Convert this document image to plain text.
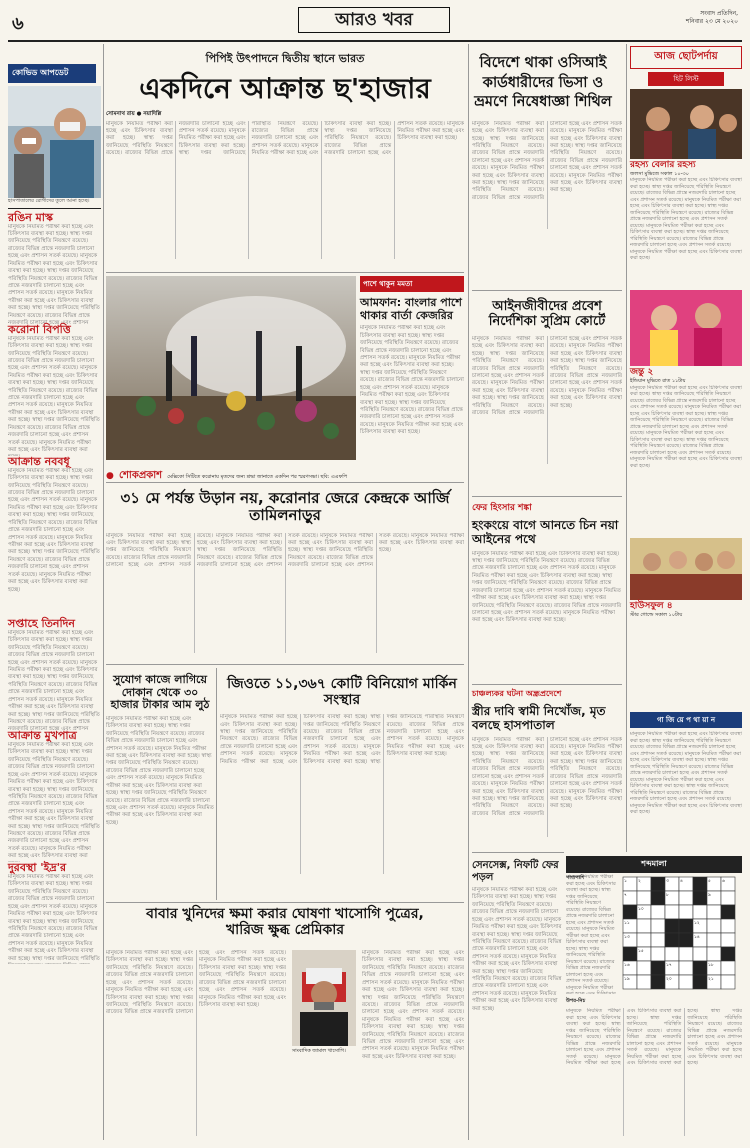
৬	আরও খবর	সংবাদ প্রতিদিন,
শনিবার ২৩ মে ২০২০
কোভিড আপডেট
হাসপাতালের রোগীদের তুলে আনা হচ্ছে।
রঙিন মাস্ক
মানুষকে নিয়মিত পরীক্ষা করা হচ্ছে এবং চিকিৎসার ব্যবস্থা করা হচ্ছে। স্বাস্থ্য দপ্তর জানিয়েছে পরিস্থিতি নিয়ন্ত্রণে রয়েছে। রাজ্যের বিভিন্ন প্রান্তে নজরদারি চালানো হচ্ছে এবং প্রশাসন সতর্ক রয়েছে। মানুষকে নিয়মিত পরীক্ষা করা হচ্ছে এবং চিকিৎসার ব্যবস্থা করা হচ্ছে। স্বাস্থ্য দপ্তর জানিয়েছে পরিস্থিতি নিয়ন্ত্রণে রয়েছে। রাজ্যের বিভিন্ন প্রান্তে নজরদারি চালানো হচ্ছে এবং প্রশাসন সতর্ক রয়েছে। মানুষকে নিয়মিত পরীক্ষা করা হচ্ছে এবং চিকিৎসার ব্যবস্থা করা হচ্ছে। স্বাস্থ্য দপ্তর জানিয়েছে পরিস্থিতি নিয়ন্ত্রণে রয়েছে। রাজ্যের বিভিন্ন প্রান্তে নজরদারি চালানো হচ্ছে এবং প্রশাসন সতর্ক রয়েছে। মানুষকে নিয়মিত পরীক্ষা করা হচ্ছে এবং চিকিৎসার ব্যবস্থা করা হচ্ছে।
করোনা বিপত্তি
মানুষকে নিয়মিত পরীক্ষা করা হচ্ছে এবং চিকিৎসার ব্যবস্থা করা হচ্ছে। স্বাস্থ্য দপ্তর জানিয়েছে পরিস্থিতি নিয়ন্ত্রণে রয়েছে। রাজ্যের বিভিন্ন প্রান্তে নজরদারি চালানো হচ্ছে এবং প্রশাসন সতর্ক রয়েছে। মানুষকে নিয়মিত পরীক্ষা করা হচ্ছে এবং চিকিৎসার ব্যবস্থা করা হচ্ছে। স্বাস্থ্য দপ্তর জানিয়েছে পরিস্থিতি নিয়ন্ত্রণে রয়েছে। রাজ্যের বিভিন্ন প্রান্তে নজরদারি চালানো হচ্ছে এবং প্রশাসন সতর্ক রয়েছে। মানুষকে নিয়মিত পরীক্ষা করা হচ্ছে এবং চিকিৎসার ব্যবস্থা করা হচ্ছে। স্বাস্থ্য দপ্তর জানিয়েছে পরিস্থিতি নিয়ন্ত্রণে রয়েছে। রাজ্যের বিভিন্ন প্রান্তে নজরদারি চালানো হচ্ছে এবং প্রশাসন সতর্ক রয়েছে। মানুষকে নিয়মিত পরীক্ষা করা হচ্ছে এবং চিকিৎসার ব্যবস্থা করা হচ্ছে।
আক্রান্ত নববধূ
মানুষকে নিয়মিত পরীক্ষা করা হচ্ছে এবং চিকিৎসার ব্যবস্থা করা হচ্ছে। স্বাস্থ্য দপ্তর জানিয়েছে পরিস্থিতি নিয়ন্ত্রণে রয়েছে। রাজ্যের বিভিন্ন প্রান্তে নজরদারি চালানো হচ্ছে এবং প্রশাসন সতর্ক রয়েছে। মানুষকে নিয়মিত পরীক্ষা করা হচ্ছে এবং চিকিৎসার ব্যবস্থা করা হচ্ছে। স্বাস্থ্য দপ্তর জানিয়েছে পরিস্থিতি নিয়ন্ত্রণে রয়েছে। রাজ্যের বিভিন্ন প্রান্তে নজরদারি চালানো হচ্ছে এবং প্রশাসন সতর্ক রয়েছে। মানুষকে নিয়মিত পরীক্ষা করা হচ্ছে এবং চিকিৎসার ব্যবস্থা করা হচ্ছে। স্বাস্থ্য দপ্তর জানিয়েছে পরিস্থিতি নিয়ন্ত্রণে রয়েছে। রাজ্যের বিভিন্ন প্রান্তে নজরদারি চালানো হচ্ছে এবং প্রশাসন সতর্ক রয়েছে। মানুষকে নিয়মিত পরীক্ষা করা হচ্ছে এবং চিকিৎসার ব্যবস্থা করা হচ্ছে।
সপ্তাহে তিনদিন
মানুষকে নিয়মিত পরীক্ষা করা হচ্ছে এবং চিকিৎসার ব্যবস্থা করা হচ্ছে। স্বাস্থ্য দপ্তর জানিয়েছে পরিস্থিতি নিয়ন্ত্রণে রয়েছে। রাজ্যের বিভিন্ন প্রান্তে নজরদারি চালানো হচ্ছে এবং প্রশাসন সতর্ক রয়েছে। মানুষকে নিয়মিত পরীক্ষা করা হচ্ছে এবং চিকিৎসার ব্যবস্থা করা হচ্ছে। স্বাস্থ্য দপ্তর জানিয়েছে পরিস্থিতি নিয়ন্ত্রণে রয়েছে। রাজ্যের বিভিন্ন প্রান্তে নজরদারি চালানো হচ্ছে এবং প্রশাসন সতর্ক রয়েছে। মানুষকে নিয়মিত পরীক্ষা করা হচ্ছে এবং চিকিৎসার ব্যবস্থা করা হচ্ছে। স্বাস্থ্য দপ্তর জানিয়েছে পরিস্থিতি নিয়ন্ত্রণে রয়েছে। রাজ্যের বিভিন্ন প্রান্তে নজরদারি চালানো হচ্ছে এবং প্রশাসন সতর্ক রয়েছে। মানুষকে নিয়মিত পরীক্ষা করা হচ্ছে এবং চিকিৎসার ব্যবস্থা করা হচ্ছে।
আক্রান্ত মুখপাত্র
মানুষকে নিয়মিত পরীক্ষা করা হচ্ছে এবং চিকিৎসার ব্যবস্থা করা হচ্ছে। স্বাস্থ্য দপ্তর জানিয়েছে পরিস্থিতি নিয়ন্ত্রণে রয়েছে। রাজ্যের বিভিন্ন প্রান্তে নজরদারি চালানো হচ্ছে এবং প্রশাসন সতর্ক রয়েছে। মানুষকে নিয়মিত পরীক্ষা করা হচ্ছে এবং চিকিৎসার ব্যবস্থা করা হচ্ছে। স্বাস্থ্য দপ্তর জানিয়েছে পরিস্থিতি নিয়ন্ত্রণে রয়েছে। রাজ্যের বিভিন্ন প্রান্তে নজরদারি চালানো হচ্ছে এবং প্রশাসন সতর্ক রয়েছে। মানুষকে নিয়মিত পরীক্ষা করা হচ্ছে এবং চিকিৎসার ব্যবস্থা করা হচ্ছে। স্বাস্থ্য দপ্তর জানিয়েছে পরিস্থিতি নিয়ন্ত্রণে রয়েছে। রাজ্যের বিভিন্ন প্রান্তে নজরদারি চালানো হচ্ছে এবং প্রশাসন সতর্ক রয়েছে। মানুষকে নিয়মিত পরীক্ষা করা হচ্ছে এবং চিকিৎসার ব্যবস্থা করা হচ্ছে।
দুরবস্থা 'ইদ্র'র
মানুষকে নিয়মিত পরীক্ষা করা হচ্ছে এবং চিকিৎসার ব্যবস্থা করা হচ্ছে। স্বাস্থ্য দপ্তর জানিয়েছে পরিস্থিতি নিয়ন্ত্রণে রয়েছে। রাজ্যের বিভিন্ন প্রান্তে নজরদারি চালানো হচ্ছে এবং প্রশাসন সতর্ক রয়েছে। মানুষকে নিয়মিত পরীক্ষা করা হচ্ছে এবং চিকিৎসার ব্যবস্থা করা হচ্ছে। স্বাস্থ্য দপ্তর জানিয়েছে পরিস্থিতি নিয়ন্ত্রণে রয়েছে। রাজ্যের বিভিন্ন প্রান্তে নজরদারি চালানো হচ্ছে এবং প্রশাসন সতর্ক রয়েছে। মানুষকে নিয়মিত পরীক্ষা করা হচ্ছে এবং চিকিৎসার ব্যবস্থা করা হচ্ছে। স্বাস্থ্য দপ্তর জানিয়েছে পরিস্থিতি নিয়ন্ত্রণে রয়েছে। রাজ্যের বিভিন্ন প্রান্তে নজরদারি চালানো হচ্ছে এবং প্রশাসন সতর্ক রয়েছে। মানুষকে নিয়মিত পরীক্ষা করা হচ্ছে এবং চিকিৎসার ব্যবস্থা করা হচ্ছে।
পিপিই উৎপাদনে দ্বিতীয় স্থানে ভারত
একদিনে আক্রান্ত ছ'হাজার
সোমনাথ রায় ● নয়াদিল্লি
মানুষকে নিয়মিত পরীক্ষা করা হচ্ছে এবং চিকিৎসার ব্যবস্থা করা হচ্ছে। স্বাস্থ্য দপ্তর জানিয়েছে পরিস্থিতি নিয়ন্ত্রণে রয়েছে। রাজ্যের বিভিন্ন প্রান্তে নজরদারি চালানো হচ্ছে এবং প্রশাসন সতর্ক রয়েছে। মানুষকে নিয়মিত পরীক্ষা করা হচ্ছে এবং চিকিৎসার ব্যবস্থা করা হচ্ছে। স্বাস্থ্য দপ্তর জানিয়েছে পরিস্থিতি নিয়ন্ত্রণে রয়েছে। রাজ্যের বিভিন্ন প্রান্তে নজরদারি চালানো হচ্ছে এবং প্রশাসন সতর্ক রয়েছে। মানুষকে নিয়মিত পরীক্ষা করা হচ্ছে এবং চিকিৎসার ব্যবস্থা করা হচ্ছে। স্বাস্থ্য দপ্তর জানিয়েছে পরিস্থিতি নিয়ন্ত্রণে রয়েছে। রাজ্যের বিভিন্ন প্রান্তে নজরদারি চালানো হচ্ছে এবং প্রশাসন সতর্ক রয়েছে। মানুষকে নিয়মিত পরীক্ষা করা হচ্ছে এবং চিকিৎসার ব্যবস্থা করা হচ্ছে।
● শোকপ্রকাশ মেক্সিকো সিটিতে করোনায় মৃতদের জন্য শ্রদ্ধা জানাতে একদিন পর স্মরণসভা। ছবি: এএফপি
পাশে থাকুন মমতা
আমফান: বাংলার পাশে থাকার বার্তা কেজরির
মানুষকে নিয়মিত পরীক্ষা করা হচ্ছে এবং চিকিৎসার ব্যবস্থা করা হচ্ছে। স্বাস্থ্য দপ্তর জানিয়েছে পরিস্থিতি নিয়ন্ত্রণে রয়েছে। রাজ্যের বিভিন্ন প্রান্তে নজরদারি চালানো হচ্ছে এবং প্রশাসন সতর্ক রয়েছে। মানুষকে নিয়মিত পরীক্ষা করা হচ্ছে এবং চিকিৎসার ব্যবস্থা করা হচ্ছে। স্বাস্থ্য দপ্তর জানিয়েছে পরিস্থিতি নিয়ন্ত্রণে রয়েছে। রাজ্যের বিভিন্ন প্রান্তে নজরদারি চালানো হচ্ছে এবং প্রশাসন সতর্ক রয়েছে। মানুষকে নিয়মিত পরীক্ষা করা হচ্ছে এবং চিকিৎসার ব্যবস্থা করা হচ্ছে। স্বাস্থ্য দপ্তর জানিয়েছে পরিস্থিতি নিয়ন্ত্রণে রয়েছে। রাজ্যের বিভিন্ন প্রান্তে নজরদারি চালানো হচ্ছে এবং প্রশাসন সতর্ক রয়েছে। মানুষকে নিয়মিত পরীক্ষা করা হচ্ছে এবং চিকিৎসার ব্যবস্থা করা হচ্ছে।
৩১ মে পর্যন্ত উড়ান নয়, করোনার জেরে কেন্দ্রকে আর্জি তামিলনাড়ুর
মানুষকে নিয়মিত পরীক্ষা করা হচ্ছে এবং চিকিৎসার ব্যবস্থা করা হচ্ছে। স্বাস্থ্য দপ্তর জানিয়েছে পরিস্থিতি নিয়ন্ত্রণে রয়েছে। রাজ্যের বিভিন্ন প্রান্তে নজরদারি চালানো হচ্ছে এবং প্রশাসন সতর্ক রয়েছে। মানুষকে নিয়মিত পরীক্ষা করা হচ্ছে এবং চিকিৎসার ব্যবস্থা করা হচ্ছে। স্বাস্থ্য দপ্তর জানিয়েছে পরিস্থিতি নিয়ন্ত্রণে রয়েছে। রাজ্যের বিভিন্ন প্রান্তে নজরদারি চালানো হচ্ছে এবং প্রশাসন সতর্ক রয়েছে। মানুষকে নিয়মিত পরীক্ষা করা হচ্ছে এবং চিকিৎসার ব্যবস্থা করা হচ্ছে। স্বাস্থ্য দপ্তর জানিয়েছে পরিস্থিতি নিয়ন্ত্রণে রয়েছে। রাজ্যের বিভিন্ন প্রান্তে নজরদারি চালানো হচ্ছে এবং প্রশাসন সতর্ক রয়েছে। মানুষকে নিয়মিত পরীক্ষা করা হচ্ছে এবং চিকিৎসার ব্যবস্থা করা হচ্ছে।
সুযোগ কাজে লাগিয়ে দোকান থেকে ৩০ হাজার টাকার আম লুঠ
মানুষকে নিয়মিত পরীক্ষা করা হচ্ছে এবং চিকিৎসার ব্যবস্থা করা হচ্ছে। স্বাস্থ্য দপ্তর জানিয়েছে পরিস্থিতি নিয়ন্ত্রণে রয়েছে। রাজ্যের বিভিন্ন প্রান্তে নজরদারি চালানো হচ্ছে এবং প্রশাসন সতর্ক রয়েছে। মানুষকে নিয়মিত পরীক্ষা করা হচ্ছে এবং চিকিৎসার ব্যবস্থা করা হচ্ছে। স্বাস্থ্য দপ্তর জানিয়েছে পরিস্থিতি নিয়ন্ত্রণে রয়েছে। রাজ্যের বিভিন্ন প্রান্তে নজরদারি চালানো হচ্ছে এবং প্রশাসন সতর্ক রয়েছে। মানুষকে নিয়মিত পরীক্ষা করা হচ্ছে এবং চিকিৎসার ব্যবস্থা করা হচ্ছে। স্বাস্থ্য দপ্তর জানিয়েছে পরিস্থিতি নিয়ন্ত্রণে রয়েছে। রাজ্যের বিভিন্ন প্রান্তে নজরদারি চালানো হচ্ছে এবং প্রশাসন সতর্ক রয়েছে। মানুষকে নিয়মিত পরীক্ষা করা হচ্ছে এবং চিকিৎসার ব্যবস্থা করা হচ্ছে।
জিওতে ১১,৩৬৭ কোটি বিনিয়োগ মার্কিন সংস্থার
মানুষকে নিয়মিত পরীক্ষা করা হচ্ছে এবং চিকিৎসার ব্যবস্থা করা হচ্ছে। স্বাস্থ্য দপ্তর জানিয়েছে পরিস্থিতি নিয়ন্ত্রণে রয়েছে। রাজ্যের বিভিন্ন প্রান্তে নজরদারি চালানো হচ্ছে এবং প্রশাসন সতর্ক রয়েছে। মানুষকে নিয়মিত পরীক্ষা করা হচ্ছে এবং চিকিৎসার ব্যবস্থা করা হচ্ছে। স্বাস্থ্য দপ্তর জানিয়েছে পরিস্থিতি নিয়ন্ত্রণে রয়েছে। রাজ্যের বিভিন্ন প্রান্তে নজরদারি চালানো হচ্ছে এবং প্রশাসন সতর্ক রয়েছে। মানুষকে নিয়মিত পরীক্ষা করা হচ্ছে এবং চিকিৎসার ব্যবস্থা করা হচ্ছে। স্বাস্থ্য দপ্তর জানিয়েছে পরিস্থিতি নিয়ন্ত্রণে রয়েছে। রাজ্যের বিভিন্ন প্রান্তে নজরদারি চালানো হচ্ছে এবং প্রশাসন সতর্ক রয়েছে। মানুষকে নিয়মিত পরীক্ষা করা হচ্ছে এবং চিকিৎসার ব্যবস্থা করা হচ্ছে।
বাবার খুনিদের ক্ষমা করার ঘোষণা খাসোগি পুত্রের, খারিজ ক্ষুব্ধ প্রেমিকার
মানুষকে নিয়মিত পরীক্ষা করা হচ্ছে এবং চিকিৎসার ব্যবস্থা করা হচ্ছে। স্বাস্থ্য দপ্তর জানিয়েছে পরিস্থিতি নিয়ন্ত্রণে রয়েছে। রাজ্যের বিভিন্ন প্রান্তে নজরদারি চালানো হচ্ছে এবং প্রশাসন সতর্ক রয়েছে। মানুষকে নিয়মিত পরীক্ষা করা হচ্ছে এবং চিকিৎসার ব্যবস্থা করা হচ্ছে। স্বাস্থ্য দপ্তর জানিয়েছে পরিস্থিতি নিয়ন্ত্রণে রয়েছে। রাজ্যের বিভিন্ন প্রান্তে নজরদারি চালানো হচ্ছে এবং প্রশাসন সতর্ক রয়েছে। মানুষকে নিয়মিত পরীক্ষা করা হচ্ছে এবং চিকিৎসার ব্যবস্থা করা হচ্ছে। স্বাস্থ্য দপ্তর জানিয়েছে পরিস্থিতি নিয়ন্ত্রণে রয়েছে। রাজ্যের বিভিন্ন প্রান্তে নজরদারি চালানো হচ্ছে এবং প্রশাসন সতর্ক রয়েছে। মানুষকে নিয়মিত পরীক্ষা করা হচ্ছে এবং চিকিৎসার ব্যবস্থা করা হচ্ছে।
সাংবাদিক জামাল খাসোগি।
মানুষকে নিয়মিত পরীক্ষা করা হচ্ছে এবং চিকিৎসার ব্যবস্থা করা হচ্ছে। স্বাস্থ্য দপ্তর জানিয়েছে পরিস্থিতি নিয়ন্ত্রণে রয়েছে। রাজ্যের বিভিন্ন প্রান্তে নজরদারি চালানো হচ্ছে এবং প্রশাসন সতর্ক রয়েছে। মানুষকে নিয়মিত পরীক্ষা করা হচ্ছে এবং চিকিৎসার ব্যবস্থা করা হচ্ছে। স্বাস্থ্য দপ্তর জানিয়েছে পরিস্থিতি নিয়ন্ত্রণে রয়েছে। রাজ্যের বিভিন্ন প্রান্তে নজরদারি চালানো হচ্ছে এবং প্রশাসন সতর্ক রয়েছে। মানুষকে নিয়মিত পরীক্ষা করা হচ্ছে এবং চিকিৎসার ব্যবস্থা করা হচ্ছে। স্বাস্থ্য দপ্তর জানিয়েছে পরিস্থিতি নিয়ন্ত্রণে রয়েছে। রাজ্যের বিভিন্ন প্রান্তে নজরদারি চালানো হচ্ছে এবং প্রশাসন সতর্ক রয়েছে। মানুষকে নিয়মিত পরীক্ষা করা হচ্ছে এবং চিকিৎসার ব্যবস্থা করা হচ্ছে।
বিদেশে থাকা ওসিআই কার্ডধারীদের ভিসা ও ভ্রমণে নিষেধাজ্ঞা শিথিল
মানুষকে নিয়মিত পরীক্ষা করা হচ্ছে এবং চিকিৎসার ব্যবস্থা করা হচ্ছে। স্বাস্থ্য দপ্তর জানিয়েছে পরিস্থিতি নিয়ন্ত্রণে রয়েছে। রাজ্যের বিভিন্ন প্রান্তে নজরদারি চালানো হচ্ছে এবং প্রশাসন সতর্ক রয়েছে। মানুষকে নিয়মিত পরীক্ষা করা হচ্ছে এবং চিকিৎসার ব্যবস্থা করা হচ্ছে। স্বাস্থ্য দপ্তর জানিয়েছে পরিস্থিতি নিয়ন্ত্রণে রয়েছে। রাজ্যের বিভিন্ন প্রান্তে নজরদারি চালানো হচ্ছে এবং প্রশাসন সতর্ক রয়েছে। মানুষকে নিয়মিত পরীক্ষা করা হচ্ছে এবং চিকিৎসার ব্যবস্থা করা হচ্ছে। স্বাস্থ্য দপ্তর জানিয়েছে পরিস্থিতি নিয়ন্ত্রণে রয়েছে। রাজ্যের বিভিন্ন প্রান্তে নজরদারি চালানো হচ্ছে এবং প্রশাসন সতর্ক রয়েছে। মানুষকে নিয়মিত পরীক্ষা করা হচ্ছে এবং চিকিৎসার ব্যবস্থা করা হচ্ছে।
আইনজীবীদের প্রবেশ নির্দেশিকা সুপ্রিম কোর্টে
মানুষকে নিয়মিত পরীক্ষা করা হচ্ছে এবং চিকিৎসার ব্যবস্থা করা হচ্ছে। স্বাস্থ্য দপ্তর জানিয়েছে পরিস্থিতি নিয়ন্ত্রণে রয়েছে। রাজ্যের বিভিন্ন প্রান্তে নজরদারি চালানো হচ্ছে এবং প্রশাসন সতর্ক রয়েছে। মানুষকে নিয়মিত পরীক্ষা করা হচ্ছে এবং চিকিৎসার ব্যবস্থা করা হচ্ছে। স্বাস্থ্য দপ্তর জানিয়েছে পরিস্থিতি নিয়ন্ত্রণে রয়েছে। রাজ্যের বিভিন্ন প্রান্তে নজরদারি চালানো হচ্ছে এবং প্রশাসন সতর্ক রয়েছে। মানুষকে নিয়মিত পরীক্ষা করা হচ্ছে এবং চিকিৎসার ব্যবস্থা করা হচ্ছে। স্বাস্থ্য দপ্তর জানিয়েছে পরিস্থিতি নিয়ন্ত্রণে রয়েছে। রাজ্যের বিভিন্ন প্রান্তে নজরদারি চালানো হচ্ছে এবং প্রশাসন সতর্ক রয়েছে। মানুষকে নিয়মিত পরীক্ষা করা হচ্ছে এবং চিকিৎসার ব্যবস্থা করা হচ্ছে।
ফের হিংসার শঙ্কা
হংকংয়ে বাগে আনতে চিন নয়া আইনের পথে
মানুষকে নিয়মিত পরীক্ষা করা হচ্ছে এবং চিকিৎসার ব্যবস্থা করা হচ্ছে। স্বাস্থ্য দপ্তর জানিয়েছে পরিস্থিতি নিয়ন্ত্রণে রয়েছে। রাজ্যের বিভিন্ন প্রান্তে নজরদারি চালানো হচ্ছে এবং প্রশাসন সতর্ক রয়েছে। মানুষকে নিয়মিত পরীক্ষা করা হচ্ছে এবং চিকিৎসার ব্যবস্থা করা হচ্ছে। স্বাস্থ্য দপ্তর জানিয়েছে পরিস্থিতি নিয়ন্ত্রণে রয়েছে। রাজ্যের বিভিন্ন প্রান্তে নজরদারি চালানো হচ্ছে এবং প্রশাসন সতর্ক রয়েছে। মানুষকে নিয়মিত পরীক্ষা করা হচ্ছে এবং চিকিৎসার ব্যবস্থা করা হচ্ছে। স্বাস্থ্য দপ্তর জানিয়েছে পরিস্থিতি নিয়ন্ত্রণে রয়েছে। রাজ্যের বিভিন্ন প্রান্তে নজরদারি চালানো হচ্ছে এবং প্রশাসন সতর্ক রয়েছে। মানুষকে নিয়মিত পরীক্ষা করা হচ্ছে এবং চিকিৎসার ব্যবস্থা করা হচ্ছে।
চাঞ্চল্যকর ঘটনা অন্ধ্রপ্রদেশে
স্ত্রীর দাবি স্বামী নিখোঁজ, মৃত বলছে হাসপাতাল
মানুষকে নিয়মিত পরীক্ষা করা হচ্ছে এবং চিকিৎসার ব্যবস্থা করা হচ্ছে। স্বাস্থ্য দপ্তর জানিয়েছে পরিস্থিতি নিয়ন্ত্রণে রয়েছে। রাজ্যের বিভিন্ন প্রান্তে নজরদারি চালানো হচ্ছে এবং প্রশাসন সতর্ক রয়েছে। মানুষকে নিয়মিত পরীক্ষা করা হচ্ছে এবং চিকিৎসার ব্যবস্থা করা হচ্ছে। স্বাস্থ্য দপ্তর জানিয়েছে পরিস্থিতি নিয়ন্ত্রণে রয়েছে। রাজ্যের বিভিন্ন প্রান্তে নজরদারি চালানো হচ্ছে এবং প্রশাসন সতর্ক রয়েছে। মানুষকে নিয়মিত পরীক্ষা করা হচ্ছে এবং চিকিৎসার ব্যবস্থা করা হচ্ছে। স্বাস্থ্য দপ্তর জানিয়েছে পরিস্থিতি নিয়ন্ত্রণে রয়েছে। রাজ্যের বিভিন্ন প্রান্তে নজরদারি চালানো হচ্ছে এবং প্রশাসন সতর্ক রয়েছে। মানুষকে নিয়মিত পরীক্ষা করা হচ্ছে এবং চিকিৎসার ব্যবস্থা করা হচ্ছে।
সেনসেক্স, নিফটি ফের পড়ল
মানুষকে নিয়মিত পরীক্ষা করা হচ্ছে এবং চিকিৎসার ব্যবস্থা করা হচ্ছে। স্বাস্থ্য দপ্তর জানিয়েছে পরিস্থিতি নিয়ন্ত্রণে রয়েছে। রাজ্যের বিভিন্ন প্রান্তে নজরদারি চালানো হচ্ছে এবং প্রশাসন সতর্ক রয়েছে। মানুষকে নিয়মিত পরীক্ষা করা হচ্ছে এবং চিকিৎসার ব্যবস্থা করা হচ্ছে। স্বাস্থ্য দপ্তর জানিয়েছে পরিস্থিতি নিয়ন্ত্রণে রয়েছে। রাজ্যের বিভিন্ন প্রান্তে নজরদারি চালানো হচ্ছে এবং প্রশাসন সতর্ক রয়েছে। মানুষকে নিয়মিত পরীক্ষা করা হচ্ছে এবং চিকিৎসার ব্যবস্থা করা হচ্ছে। স্বাস্থ্য দপ্তর জানিয়েছে পরিস্থিতি নিয়ন্ত্রণে রয়েছে। রাজ্যের বিভিন্ন প্রান্তে নজরদারি চালানো হচ্ছে এবং প্রশাসন সতর্ক রয়েছে। মানুষকে নিয়মিত পরীক্ষা করা হচ্ছে এবং চিকিৎসার ব্যবস্থা করা হচ্ছে।
শব্দমালা
পাশাপাশি
মানুষকে নিয়মিত পরীক্ষা করা হচ্ছে এবং চিকিৎসার ব্যবস্থা করা হচ্ছে। স্বাস্থ্য দপ্তর জানিয়েছে পরিস্থিতি নিয়ন্ত্রণে রয়েছে। রাজ্যের বিভিন্ন প্রান্তে নজরদারি চালানো হচ্ছে এবং প্রশাসন সতর্ক রয়েছে। মানুষকে নিয়মিত পরীক্ষা করা হচ্ছে এবং চিকিৎসার ব্যবস্থা করা হচ্ছে। স্বাস্থ্য দপ্তর জানিয়েছে পরিস্থিতি নিয়ন্ত্রণে রয়েছে। রাজ্যের বিভিন্ন প্রান্তে নজরদারি চালানো হচ্ছে এবং প্রশাসন সতর্ক রয়েছে। মানুষকে নিয়মিত পরীক্ষা করা হচ্ছে এবং চিকিৎসার ব্যবস্থা করা হচ্ছে। স্বাস্থ্য দপ্তর জানিয়েছে পরিস্থিতি নিয়ন্ত্রণে রয়েছে। রাজ্যের বিভিন্ন প্রান্তে নজরদারি চালানো হচ্ছে এবং প্রশাসন সতর্ক রয়েছে। মানুষকে নিয়মিত পরীক্ষা করা হচ্ছে এবং চিকিৎসার ব্যবস্থা করা হচ্ছে।
১ ২	৩ ৪	৫ ৬
৭	৮	৯
১০
১১	১২
১৩	১৪
১৫
১৬	১৭	১৮
১৯	২০	২১
উপর-নিচ
মানুষকে নিয়মিত পরীক্ষা করা হচ্ছে এবং চিকিৎসার ব্যবস্থা করা হচ্ছে। স্বাস্থ্য দপ্তর জানিয়েছে পরিস্থিতি নিয়ন্ত্রণে রয়েছে। রাজ্যের বিভিন্ন প্রান্তে নজরদারি চালানো হচ্ছে এবং প্রশাসন সতর্ক রয়েছে। মানুষকে নিয়মিত পরীক্ষা করা হচ্ছে এবং চিকিৎসার ব্যবস্থা করা হচ্ছে। স্বাস্থ্য দপ্তর জানিয়েছে পরিস্থিতি নিয়ন্ত্রণে রয়েছে। রাজ্যের বিভিন্ন প্রান্তে নজরদারি চালানো হচ্ছে এবং প্রশাসন সতর্ক রয়েছে। মানুষকে নিয়মিত পরীক্ষা করা হচ্ছে এবং চিকিৎসার ব্যবস্থা করা হচ্ছে। স্বাস্থ্য দপ্তর জানিয়েছে পরিস্থিতি নিয়ন্ত্রণে রয়েছে। রাজ্যের বিভিন্ন প্রান্তে নজরদারি চালানো হচ্ছে এবং প্রশাসন সতর্ক রয়েছে। মানুষকে নিয়মিত পরীক্ষা করা হচ্ছে এবং চিকিৎসার ব্যবস্থা করা হচ্ছে।
আজ ছোটপর্দায়
হিট লিস্ট
রহস্য বেলার রহস্য
জলসা মুভিজে সকাল ১০-৩০
মানুষকে নিয়মিত পরীক্ষা করা হচ্ছে এবং চিকিৎসার ব্যবস্থা করা হচ্ছে। স্বাস্থ্য দপ্তর জানিয়েছে পরিস্থিতি নিয়ন্ত্রণে রয়েছে। রাজ্যের বিভিন্ন প্রান্তে নজরদারি চালানো হচ্ছে এবং প্রশাসন সতর্ক রয়েছে। মানুষকে নিয়মিত পরীক্ষা করা হচ্ছে এবং চিকিৎসার ব্যবস্থা করা হচ্ছে। স্বাস্থ্য দপ্তর জানিয়েছে পরিস্থিতি নিয়ন্ত্রণে রয়েছে। রাজ্যের বিভিন্ন প্রান্তে নজরদারি চালানো হচ্ছে এবং প্রশাসন সতর্ক রয়েছে। মানুষকে নিয়মিত পরীক্ষা করা হচ্ছে এবং চিকিৎসার ব্যবস্থা করা হচ্ছে। স্বাস্থ্য দপ্তর জানিয়েছে পরিস্থিতি নিয়ন্ত্রণে রয়েছে। রাজ্যের বিভিন্ন প্রান্তে নজরদারি চালানো হচ্ছে এবং প্রশাসন সতর্ক রয়েছে। মানুষকে নিয়মিত পরীক্ষা করা হচ্ছে এবং চিকিৎসার ব্যবস্থা করা হচ্ছে।
জন্তু ২
ইন্ডিয়ান মুভিতে রাত ১১টায়
মানুষকে নিয়মিত পরীক্ষা করা হচ্ছে এবং চিকিৎসার ব্যবস্থা করা হচ্ছে। স্বাস্থ্য দপ্তর জানিয়েছে পরিস্থিতি নিয়ন্ত্রণে রয়েছে। রাজ্যের বিভিন্ন প্রান্তে নজরদারি চালানো হচ্ছে এবং প্রশাসন সতর্ক রয়েছে। মানুষকে নিয়মিত পরীক্ষা করা হচ্ছে এবং চিকিৎসার ব্যবস্থা করা হচ্ছে। স্বাস্থ্য দপ্তর জানিয়েছে পরিস্থিতি নিয়ন্ত্রণে রয়েছে। রাজ্যের বিভিন্ন প্রান্তে নজরদারি চালানো হচ্ছে এবং প্রশাসন সতর্ক রয়েছে। মানুষকে নিয়মিত পরীক্ষা করা হচ্ছে এবং চিকিৎসার ব্যবস্থা করা হচ্ছে। স্বাস্থ্য দপ্তর জানিয়েছে পরিস্থিতি নিয়ন্ত্রণে রয়েছে। রাজ্যের বিভিন্ন প্রান্তে নজরদারি চালানো হচ্ছে এবং প্রশাসন সতর্ক রয়েছে। মানুষকে নিয়মিত পরীক্ষা করা হচ্ছে এবং চিকিৎসার ব্যবস্থা করা হচ্ছে।
হাউসফুল ৪
স্টার গোল্ডে সকাল ১০টায়
গা জি য়ে প থা য়া ন
মানুষকে নিয়মিত পরীক্ষা করা হচ্ছে এবং চিকিৎসার ব্যবস্থা করা হচ্ছে। স্বাস্থ্য দপ্তর জানিয়েছে পরিস্থিতি নিয়ন্ত্রণে রয়েছে। রাজ্যের বিভিন্ন প্রান্তে নজরদারি চালানো হচ্ছে এবং প্রশাসন সতর্ক রয়েছে। মানুষকে নিয়মিত পরীক্ষা করা হচ্ছে এবং চিকিৎসার ব্যবস্থা করা হচ্ছে। স্বাস্থ্য দপ্তর জানিয়েছে পরিস্থিতি নিয়ন্ত্রণে রয়েছে। রাজ্যের বিভিন্ন প্রান্তে নজরদারি চালানো হচ্ছে এবং প্রশাসন সতর্ক রয়েছে। মানুষকে নিয়মিত পরীক্ষা করা হচ্ছে এবং চিকিৎসার ব্যবস্থা করা হচ্ছে। স্বাস্থ্য দপ্তর জানিয়েছে পরিস্থিতি নিয়ন্ত্রণে রয়েছে। রাজ্যের বিভিন্ন প্রান্তে নজরদারি চালানো হচ্ছে এবং প্রশাসন সতর্ক রয়েছে। মানুষকে নিয়মিত পরীক্ষা করা হচ্ছে এবং চিকিৎসার ব্যবস্থা করা হচ্ছে।
